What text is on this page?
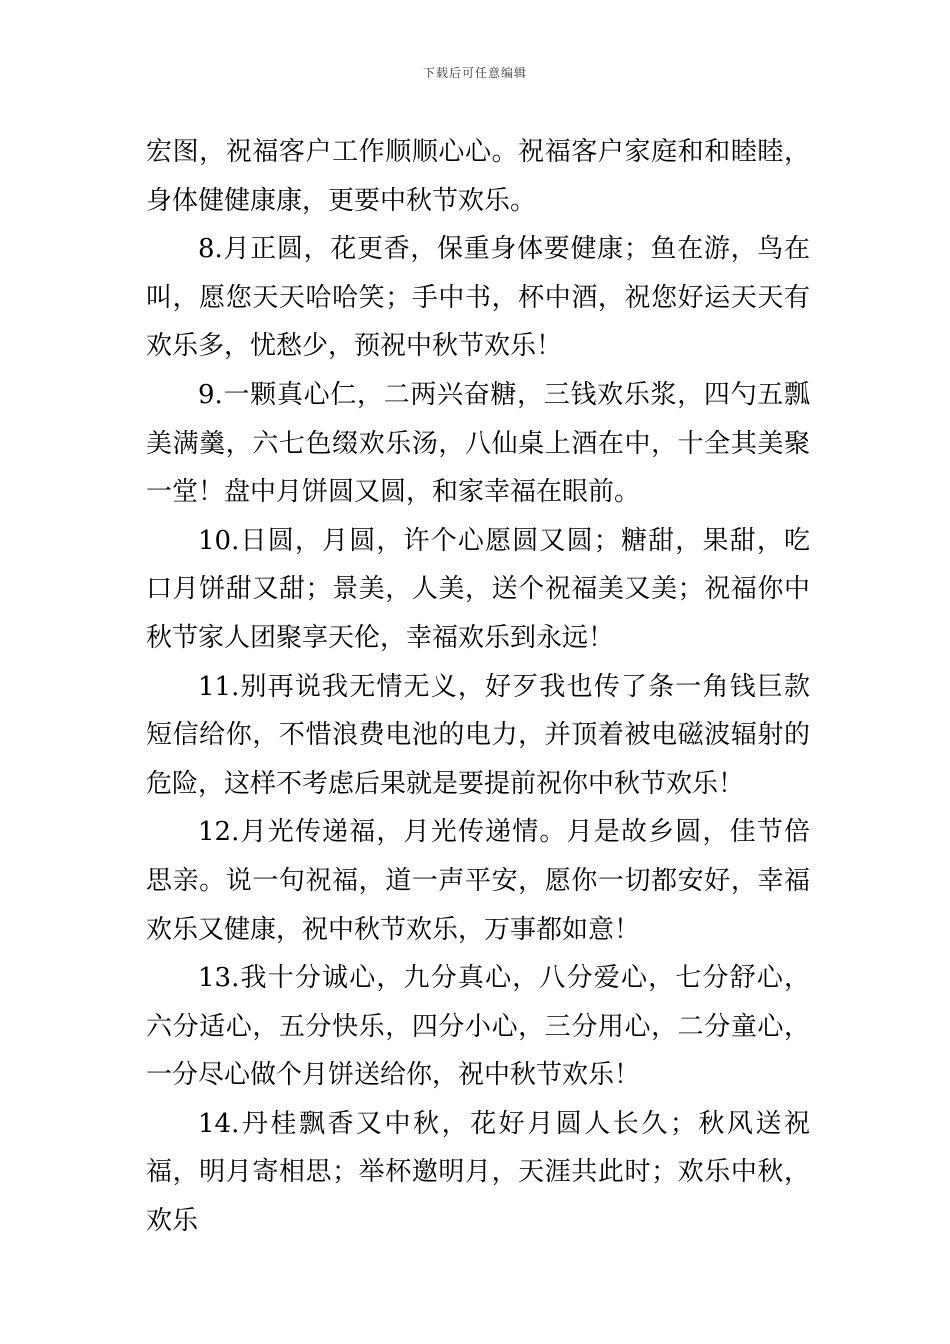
下载后可任意编辑

宏图，祝福客户工作顺顺心心。祝福客户家庭和和睦睦，身体健健康康，更要中秋节欢乐。

8.月正圆，花更香，保重身体要健康；鱼在游，鸟在叫，愿您天天哈哈笑；手中书，杯中酒，祝您好运天天有欢乐多，忧愁少，预祝中秋节欢乐！

9.一颗真心仁，二两兴奋糖，三钱欢乐浆，四勺五瓢美满羹，六七色缀欢乐汤，八仙桌上酒在中，十全其美聚一堂！盘中月饼圆又圆，和家幸福在眼前。

10.日圆，月圆，许个心愿圆又圆；糖甜，果甜，吃口月饼甜又甜；景美，人美，送个祝福美又美；祝福你中秋节家人团聚享天伦，幸福欢乐到永远！

11.别再说我无情无义，好歹我也传了条一角钱巨款短信给你，不惜浪费电池的电力，并顶着被电磁波辐射的危险，这样不考虑后果就是要提前祝你中秋节欢乐！

12.月光传递福，月光传递情。月是故乡圆，佳节倍思亲。说一句祝福，道一声平安，愿你一切都安好，幸福欢乐又健康，祝中秋节欢乐，万事都如意！

13.我十分诚心，九分真心，八分爱心，七分舒心，六分适心，五分快乐，四分小心，三分用心，二分童心，一分尽心做个月饼送给你，祝中秋节欢乐！

14.丹桂飘香又中秋，花好月圆人长久；秋风送祝福，明月寄相思；举杯邀明月，天涯共此时；欢乐中秋，欢乐
